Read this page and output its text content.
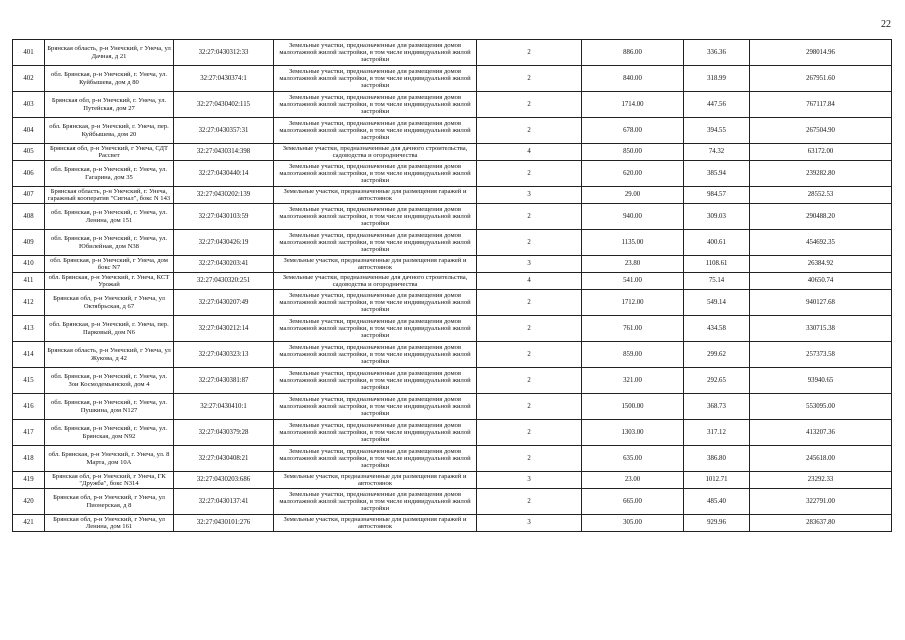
22
401	Брянская область, р-н Унечский, г Унеча, ул Дачная, д 21	32:27:0430312:33	Земельные участки, предназначенные для размещения домов малоэтажной жилой застройки, в том числе индивидуальной жилой застройки	2	886.00	336.36	298014.96
402	обл. Брянская, р-н Унечский, г. Унеча, ул. Куйбышева, дом д 80	32:27:0430374:1	Земельные участки, предназначенные для размещения домов малоэтажной жилой застройки, в том числе индивидуальной жилой застройки	2	840.00	318.99	267951.60
403	Брянская обл, р-н Унечский, г. Унеча, ул. Путейская, дом 27	32:27:0430402:115	Земельные участки, предназначенные для размещения домов малоэтажной жилой застройки, в том числе индивидуальной жилой застройки	2	1714.00	447.56	767117.84
404	обл. Брянская, р-н Унечский, г. Унеча, пер. Куйбышева, дом 20	32:27:0430357:31	Земельные участки, предназначенные для размещения домов малоэтажной жилой застройки, в том числе индивидуальной жилой застройки	2	678.00	394.55	267504.90
405	Брянская обл, р-н Унечский, г Унеча, СДТ Рассвет	32:27:0430314:398	Земельные участки, предназначенные для дачного строительства, садоводства и огородничества	4	850.00	74.32	63172.00
406	обл. Брянская, р-н Унечский, г. Унеча, ул. Гагарина, дом 35	32:27:0430440:14	Земельные участки, предназначенные для размещения домов малоэтажной жилой застройки, в том числе индивидуальной жилой застройки	2	620.00	385.94	239282.80
407	Брянская область, р-н Унечский, г. Унеча, гаражный кооператив "Сигнал", бокс N 143	32:27:0430202:139	Земельные участки, предназначенные для размещения гаражей и автостоянок	3	29.00	984.57	28552.53
408	обл. Брянская, р-н Унечский, г. Унеча, ул. Ленина, дом 151	32:27:0430103:59	Земельные участки, предназначенные для размещения домов малоэтажной жилой застройки, в том числе индивидуальной жилой застройки	2	940.00	309.03	290488.20
409	обл. Брянская, р-н Унечский, г. Унеча, ул. Юбилейная, дом N38	32:27:0430426:19	Земельные участки, предназначенные для размещения домов малоэтажной жилой застройки, в том числе индивидуальной жилой застройки	2	1135.00	400.61	454692.35
410	обл. Брянская, р-н Унечский, г Унеча, дом бокс N7	32:27:0430203:41	Земельные участки, предназначенные для размещения гаражей и автостоянок	3	23.80	1108.61	26384.92
411	обл. Брянская, р-н Унечский, г. Унеча, КСТ Урожай	32:27:0430320:251	Земельные участки, предназначенные для дачного строительства, садоводства и огородничества	4	541.00	75.14	40650.74
412	Брянская обл, р-н Унечский, г Унеча, ул Октябрьская, д 67	32:27:0430207:49	Земельные участки, предназначенные для размещения домов малоэтажной жилой застройки, в том числе индивидуальной жилой застройки	2	1712.00	549.14	940127.68
413	обл. Брянская, р-н Унечский, г. Унеча, пер. Парковый, дом N6	32:27:0430212:14	Земельные участки, предназначенные для размещения домов малоэтажной жилой застройки, в том числе индивидуальной жилой застройки	2	761.00	434.58	330715.38
414	Брянская область, р-н Унечский, г Унеча, ул Жукова, д 42	32:27:0430323:13	Земельные участки, предназначенные для размещения домов малоэтажной жилой застройки, в том числе индивидуальной жилой застройки	2	859.00	299.62	257373.58
415	обл. Брянская, р-н Унечский, г. Унеча, ул. Зои Космодемьянской, дом 4	32:27:0430381:87	Земельные участки, предназначенные для размещения домов малоэтажной жилой застройки, в том числе индивидуальной жилой застройки	2	321.00	292.65	93940.65
416	обл. Брянская, р-н Унечский, г. Унеча, ул. Пушкина, дом N127	32:27:0430410:1	Земельные участки, предназначенные для размещения домов малоэтажной жилой застройки, в том числе индивидуальной жилой застройки	2	1500.00	368.73	553095.00
417	обл. Брянская, р-н Унечский, г. Унеча, ул. Брянская, дом N92	32:27:0430379:28	Земельные участки, предназначенные для размещения домов малоэтажной жилой застройки, в том числе индивидуальной жилой застройки	2	1303.00	317.12	413207.36
418	обл. Брянская, р-н Унечский, г. Унеча, ул. 8 Марта, дом 10А	32:27:0430408:21	Земельные участки, предназначенные для размещения домов малоэтажной жилой застройки, в том числе индивидуальной жилой застройки	2	635.00	386.80	245618.00
419	Брянская обл, р-н Унечский, г Унеча, ГК "Дружба", бокс N314	32:27:0430203:686	Земельные участки, предназначенные для размещения гаражей и автостоянок	3	23.00	1012.71	23292.33
420	Брянская обл, р-н Унечский, г Унеча, ул Пионерская, д 8	32:27:0430137:41	Земельные участки, предназначенные для размещения домов малоэтажной жилой застройки, в том числе индивидуальной жилой застройки	2	665.00	485.40	322791.00
421	Брянская обл, р-н Унечский, г Унеча, ул Ленина, дом 161	32:27:0430101:276	Земельные участки, предназначенные для размещения гаражей и автостоянок	3	305.00	929.96	283637.80
